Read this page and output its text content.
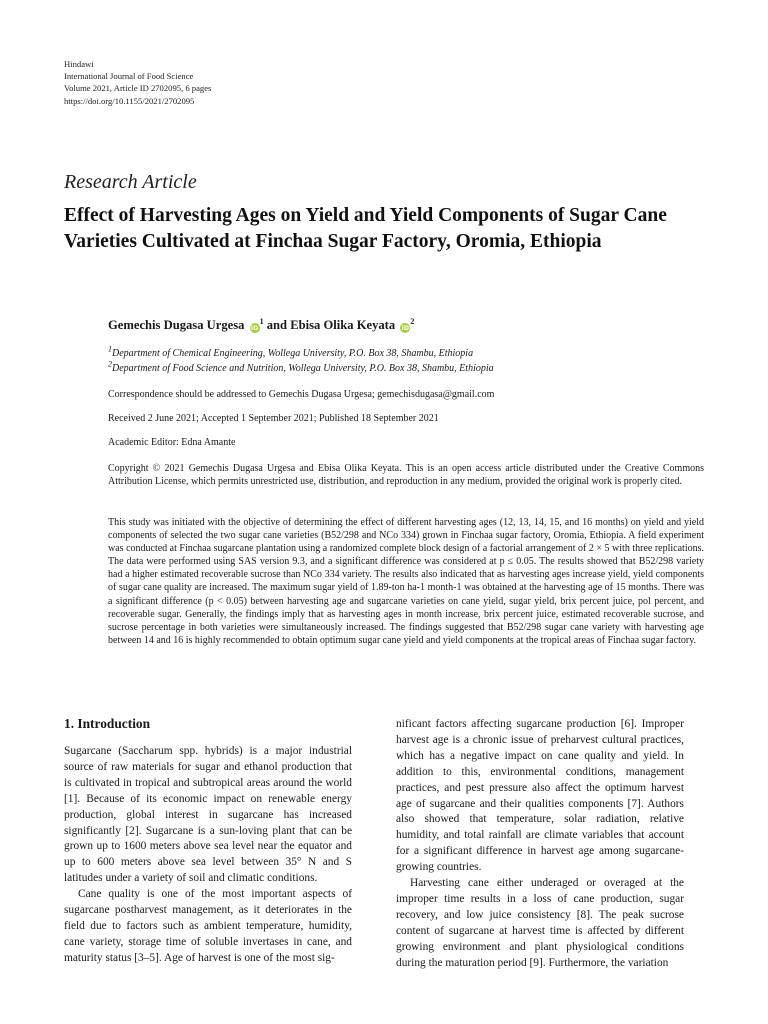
Hindawi
International Journal of Food Science
Volume 2021, Article ID 2702095, 6 pages
https://doi.org/10.1155/2021/2702095
Research Article
Effect of Harvesting Ages on Yield and Yield Components of Sugar Cane Varieties Cultivated at Finchaa Sugar Factory, Oromia, Ethiopia
Gemechis Dugasa Urgesa $iD^1$ and Ebisa Olika Keyata $iD^2$
$^1$Department of Chemical Engineering, Wollega University, P.O. Box 38, Shambu, Ethiopia
$^2$Department of Food Science and Nutrition, Wollega University, P.O. Box 38, Shambu, Ethiopia
Correspondence should be addressed to Gemechis Dugasa Urgesa; gemechisdugasa@gmail.com
Received 2 June 2021; Accepted 1 September 2021; Published 18 September 2021
Academic Editor: Edna Amante
Copyright © 2021 Gemechis Dugasa Urgesa and Ebisa Olika Keyata. This is an open access article distributed under the Creative Commons Attribution License, which permits unrestricted use, distribution, and reproduction in any medium, provided the original work is properly cited.
This study was initiated with the objective of determining the effect of different harvesting ages (12, 13, 14, 15, and 16 months) on yield and yield components of selected the two sugar cane varieties (B52/298 and NCo 334) grown in Finchaa sugar factory, Oromia, Ethiopia. A field experiment was conducted at Finchaa sugarcane plantation using a randomized complete block design of a factorial arrangement of 2 × 5 with three replications. The data were performed using SAS version 9.3, and a significant difference was considered at p ≤ 0.05. The results showed that B52/298 variety had a higher estimated recoverable sucrose than NCo 334 variety. The results also indicated that as harvesting ages increase yield, yield components of sugar cane quality are increased. The maximum sugar yield of 1.89-ton ha-1 month-1 was obtained at the harvesting age of 15 months. There was a significant difference (p < 0.05) between harvesting age and sugarcane varieties on cane yield, sugar yield, brix percent juice, pol percent, and recoverable sugar. Generally, the findings imply that as harvesting ages in month increase, brix percent juice, estimated recoverable sucrose, and sucrose percentage in both varieties were simultaneously increased. The findings suggested that B52/298 sugar cane variety with harvesting age between 14 and 16 is highly recommended to obtain optimum sugar cane yield and yield components at the tropical areas of Finchaa sugar factory.
1. Introduction

Sugarcane (Saccharum spp. hybrids) is a major industrial source of raw materials for sugar and ethanol production that is cultivated in tropical and subtropical areas around the world [1]. Because of its economic impact on renewable energy production, global interest in sugarcane has increased significantly [2]. Sugarcane is a sun-loving plant that can be grown up to 1600 meters above sea level near the equator and up to 600 meters above sea level between 35° N and S latitudes under a variety of soil and climatic conditions.

Cane quality is one of the most important aspects of sugarcane postharvest management, as it deteriorates in the field due to factors such as ambient temperature, humidity, cane variety, storage time of soluble invertases in cane, and maturity status [3–5]. Age of harvest is one of the most sig-

nificant factors affecting sugarcane production [6]. Improper harvest age is a chronic issue of preharvest cultural practices, which has a negative impact on cane quality and yield. In addition to this, environmental conditions, management practices, and pest pressure also affect the optimum harvest age of sugarcane and their qualities components [7]. Authors also showed that temperature, solar radiation, relative humidity, and total rainfall are climate variables that account for a significant difference in harvest age among sugarcane-growing countries.

Harvesting cane either underaged or overaged at the improper time results in a loss of cane production, sugar recovery, and low juice consistency [8]. The peak sucrose content of sugarcane at harvest time is affected by different growing environment and plant physiological conditions during the maturation period [9]. Furthermore, the variation
